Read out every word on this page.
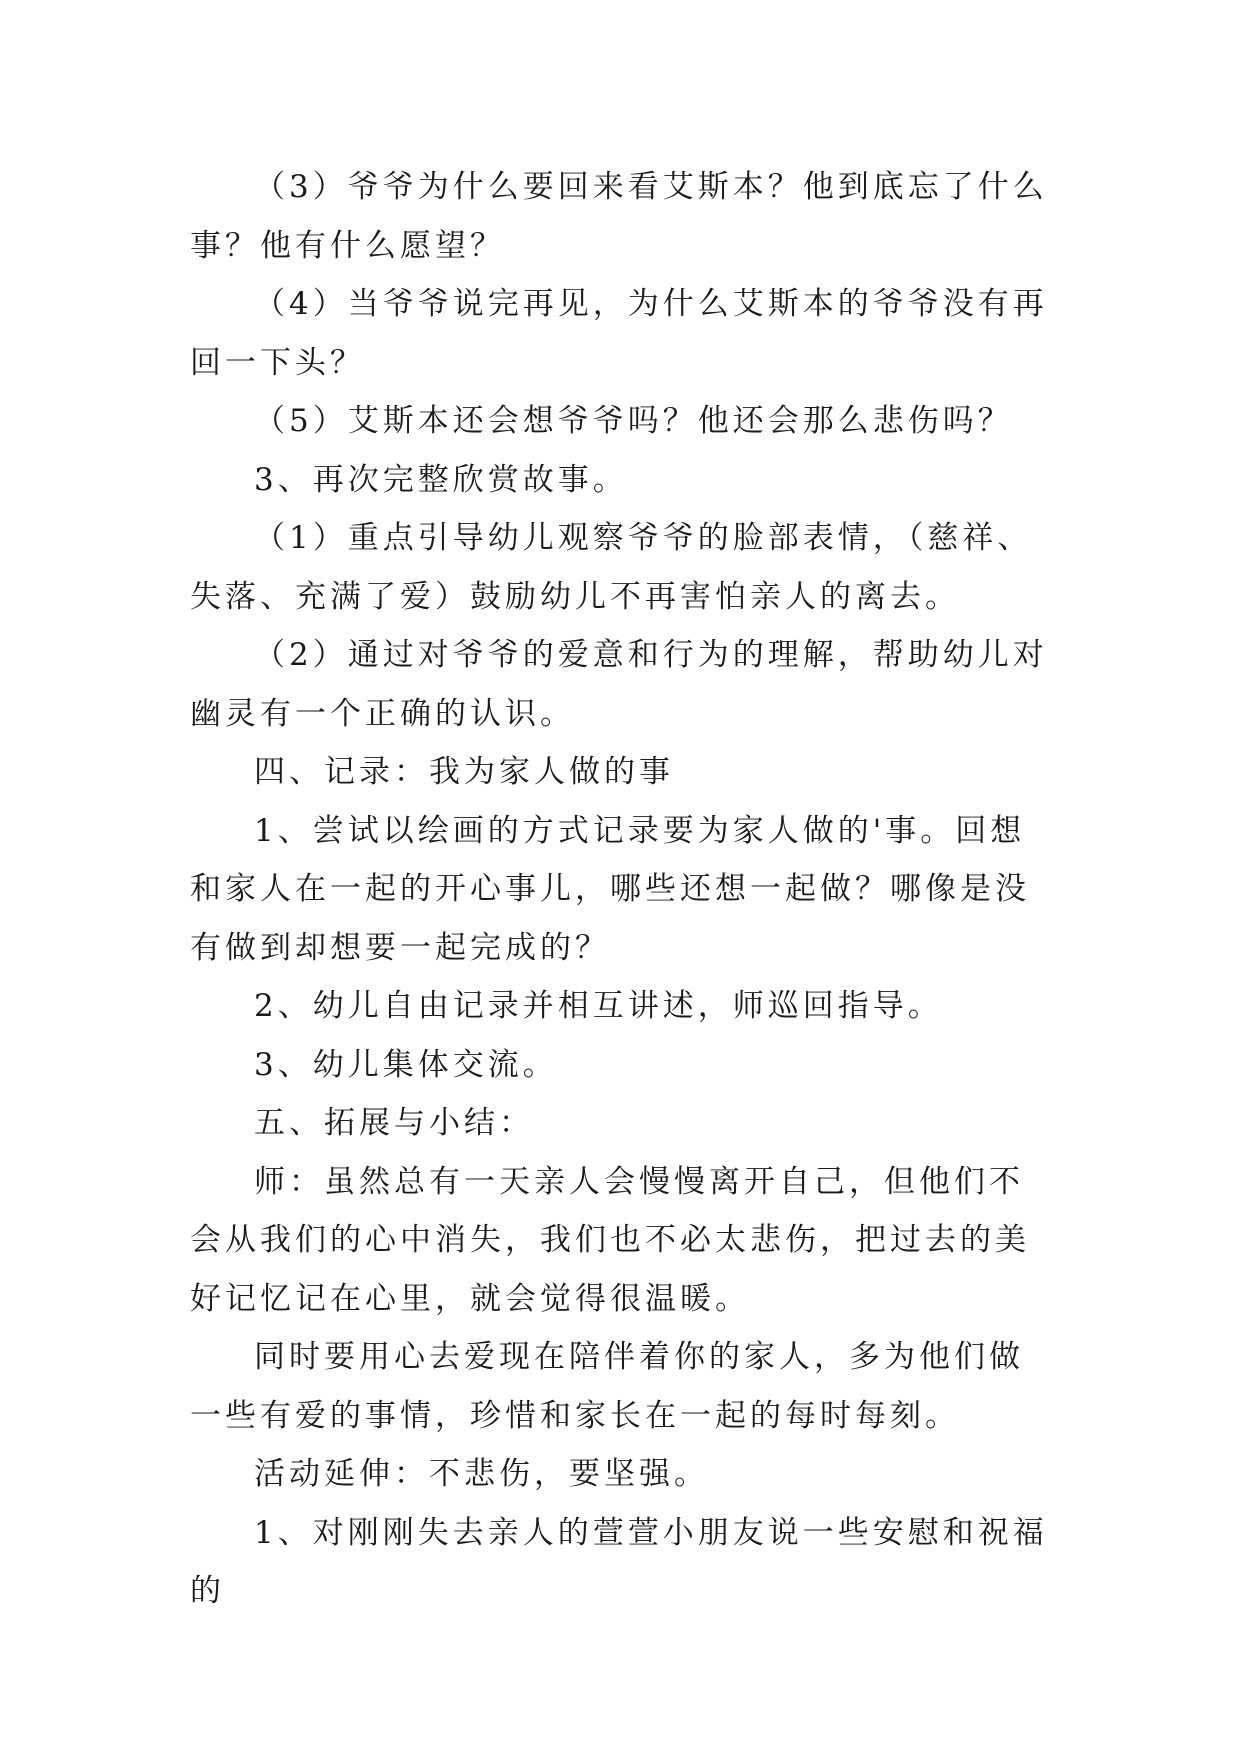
（3）爷爷为什么要回来看艾斯本？他到底忘了什么事？他有什么愿望？

（4）当爷爷说完再见，为什么艾斯本的爷爷没有再回一下头？

（5）艾斯本还会想爷爷吗？他还会那么悲伤吗？

3、再次完整欣赏故事。

（1）重点引导幼儿观察爷爷的脸部表情，（慈祥、失落、充满了爱）鼓励幼儿不再害怕亲人的离去。

（2）通过对爷爷的爱意和行为的理解，帮助幼儿对幽灵有一个正确的认识。

四、记录：我为家人做的事

1、尝试以绘画的方式记录要为家人做的'事。回想和家人在一起的开心事儿，哪些还想一起做？哪像是没有做到却想要一起完成的？

2、幼儿自由记录并相互讲述，师巡回指导。

3、幼儿集体交流。

五、拓展与小结：

师：虽然总有一天亲人会慢慢离开自己，但他们不会从我们的心中消失，我们也不必太悲伤，把过去的美好记忆记在心里，就会觉得很温暖。

同时要用心去爱现在陪伴着你的家人，多为他们做一些有爱的事情，珍惜和家长在一起的每时每刻。

活动延伸：不悲伤，要坚强。

1、对刚刚失去亲人的萱萱小朋友说一些安慰和祝福的
